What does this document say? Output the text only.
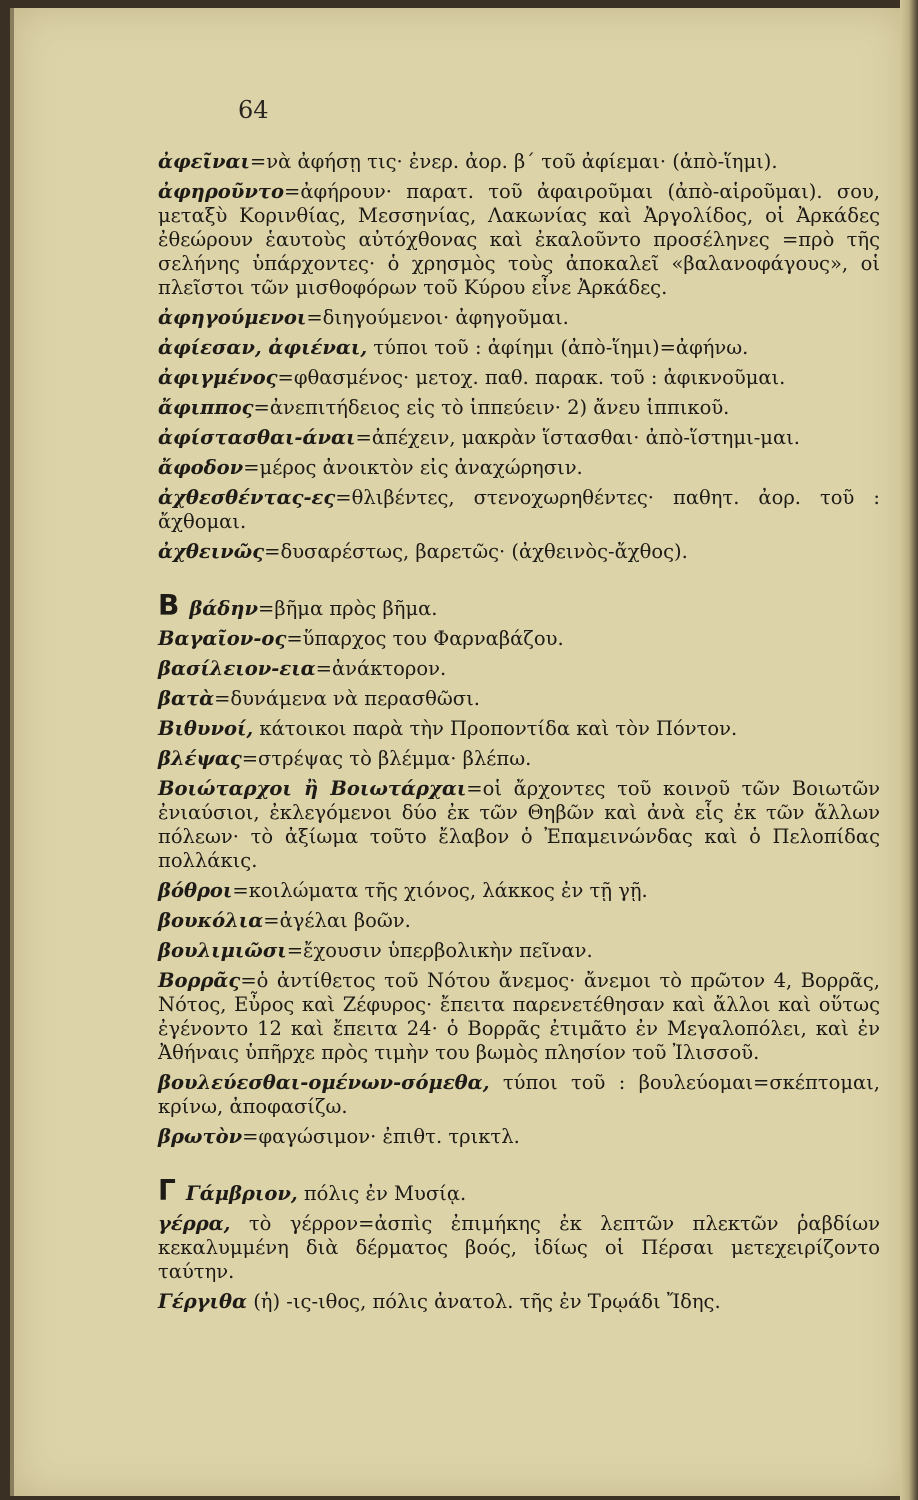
64

ἀφεῖναι=νὰ ἀφήσῃ τις· ἐνερ. ἀορ. β΄ τοῦ ἀφίεμαι· (ἀπὸ-ἵημι).

ἀφηροῦντο=ἀφήρουν· παρατ. τοῦ ἀφαιροῦμαι (ἀπὸ-αἱροῦμαι). σου, μεταξὺ Κορινθίας, Μεσσηνίας, Λακωνίας καὶ Ἀργολίδος, οἱ Ἀρκάδες ἐθεώρουν ἑαυτοὺς αὐτόχθονας καὶ ἐκαλοῦντο προσέληνες =πρὸ τῆς σελήνης ὑπάρχοντες· ὁ χρησμὸς τοὺς ἀποκαλεῖ «βαλανοφάγους», οἱ πλεῖστοι τῶν μισθοφόρων τοῦ Κύρου εἶνε Ἀρκάδες.

ἀφηγούμενοι=διηγούμενοι· ἀφηγοῦμαι.

ἀφίεσαν, ἀφιέναι, τύποι τοῦ : ἀφίημι (ἀπὸ-ἵημι)=ἀφήνω.

ἀφιγμένος=φθασμένος· μετοχ. παθ. παρακ. τοῦ : ἀφικνοῦμαι.

ἄφιππος=ἀνεπιτήδειος εἰς τὸ ἱππεύειν· 2) ἄνευ ἱππικοῦ.

ἀφίστασθαι-άναι=ἀπέχειν, μακρὰν ἵστασθαι· ἀπὸ-ἵστημι-μαι.

ἄφοδον=μέρος ἀνοικτὸν εἰς ἀναχώρησιν.

ἀχθεσθέντας-ες=θλιβέντες, στενοχωρηθέντες· παθητ. ἀορ. τοῦ : ἄχθομαι.

ἀχθεινῶς=δυσαρέστως, βαρετῶς· (ἀχθεινὸς-ἄχθος).

Β βάδην=βῆμα πρὸς βῆμα.

Βαγαῖον-ος=ὕπαρχος του Φαρναβάζου.

βασίλειον-εια=ἀνάκτορον.

βατὰ=δυνάμενα νὰ περασθῶσι.

Βιθυνοί, κάτοικοι παρὰ τὴν Προποντίδα καὶ τὸν Πόντον.

βλέψας=στρέψας τὸ βλέμμα· βλέπω.

Βοιώταρχοι ἢ Βοιωτάρχαι=οἱ ἄρχοντες τοῦ κοινοῦ τῶν Βοιωτῶν ἐνιαύσιοι, ἐκλεγόμενοι δύο ἐκ τῶν Θηβῶν καὶ ἀνὰ εἷς ἐκ τῶν ἄλλων πόλεων· τὸ ἀξίωμα τοῦτο ἔλαβον ὁ Ἐπαμεινώνδας καὶ ὁ Πελοπίδας πολλάκις.

βόθροι=κοιλώματα τῆς χιόνος, λάκκος ἐν τῇ γῇ.

βουκόλια=ἀγέλαι βοῶν.

βουλιμιῶσι=ἔχουσιν ὑπερβολικὴν πεῖναν.

Βορρᾶς=ὁ ἀντίθετος τοῦ Νότου ἄνεμος· ἄνεμοι τὸ πρῶτον 4, Βορρᾶς, Νότος, Εὖρος καὶ Ζέφυρος· ἔπειτα παρενετέθησαν καὶ ἄλλοι καὶ οὕτως ἐγένοντο 12 καὶ ἔπειτα 24· ὁ Βορρᾶς ἐτιμᾶτο ἐν Μεγαλοπόλει, καὶ ἐν Ἀθήναις ὑπῆρχε πρὸς τιμὴν του βωμὸς πλησίον τοῦ Ἰλισσοῦ.

βουλεύεσθαι-ομένων-σόμεθα, τύποι τοῦ : βουλεύομαι=σκέπτομαι, κρίνω, ἀποφασίζω.

βρωτὸν=φαγώσιμον· ἐπιθτ. τρικτλ.

Γ Γάμβριον, πόλις ἐν Μυσίᾳ.

γέρρα, τὸ γέρρον=ἀσπὶς ἐπιμήκης ἐκ λεπτῶν πλεκτῶν ῥαβδίων κεκαλυμμένη διὰ δέρματος βοός, ἰδίως οἱ Πέρσαι μετεχειρίζοντο ταύτην.

Γέργιθα (ἡ) -ις-ιθος, πόλις ἀνατολ. τῆς ἐν Τρῳάδι Ἴδης.
